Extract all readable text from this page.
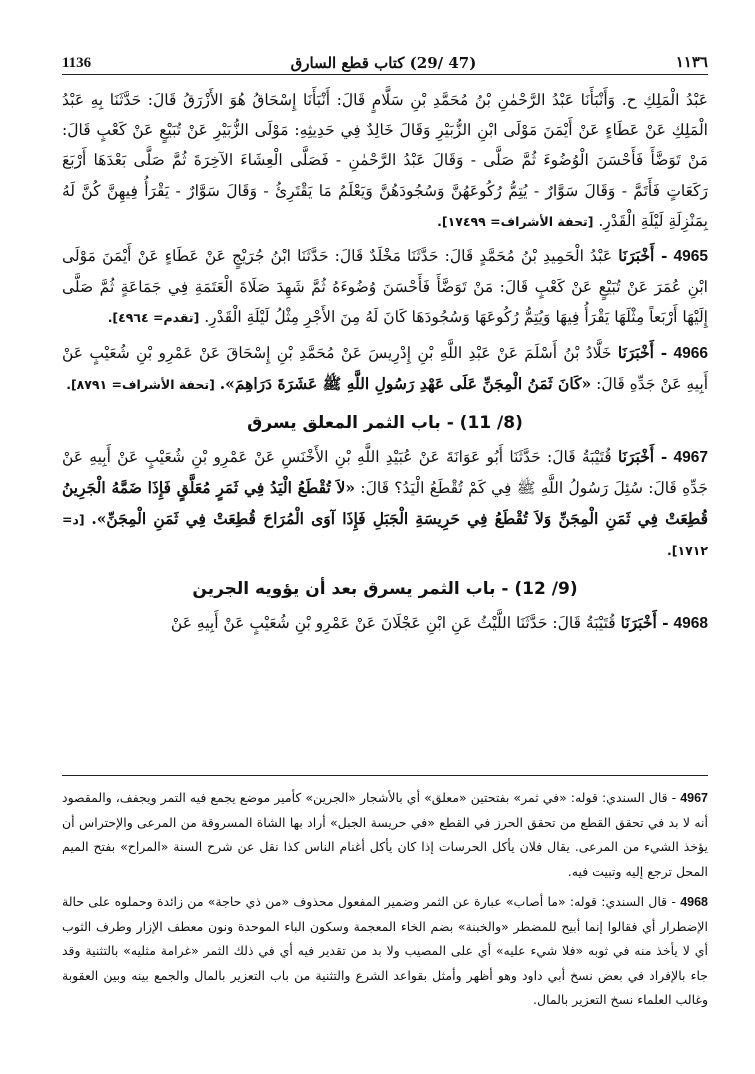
1136	(47 /29) كتاب قطع السارق	١١٣٦

عَبْدُ الْمَلِكِ ح. وَأَنْبَأَنَا عَبْدُ الرَّحْمٰنِ بْنُ مُحَمَّدِ بْنِ سَلَّامٍ قَالَ: أَنْبَأَنَا إِسْحَاقُ هُوَ الأَزْرَقُ قَالَ: حَدَّثَنَا بِهِ عَبْدُ الْمَلِكِ عَنْ عَطَاءٍ عَنْ أَيْمَنَ مَوْلَى ابْنِ الزُّبَيْرِ وَقَالَ خَالِدٌ فِي حَدِيثِهِ: مَوْلَى الزُّبَيْرِ عَنْ تُبَيْعٍ عَنْ كَعْبٍ قَالَ: مَنْ تَوَضَّأَ فَأَحْسَنَ الْوُضُوءَ ثُمَّ صَلَّى - وَقَالَ عَبْدُ الرَّحْمٰنِ - فَصَلَّى الْعِشَاءَ الآخِرَةَ ثُمَّ صَلَّى بَعْدَهَا أَرْبَعَ رَكَعَاتٍ فَأَتَمَّ - وَقَالَ سَوَّارٌ - يُتِمُّ رُكُوعَهُنَّ وَسُجُودَهُنَّ وَيَعْلَمُ مَا يَقْتَرِئُ - وَقَالَ سَوَّارٌ - يَقْرَأُ فِيهِنَّ كُنَّ لَهُ بِمَنْزِلَةِ لَيْلَةِ الْقَدْرِ. [تحفة الأشراف= ١٧٤٩٩].

4965 - أَخْبَرَنَا عَبْدُ الْحَمِيدِ بْنُ مُحَمَّدٍ قَالَ: حَدَّثَنَا مَخْلَدٌ قَالَ: حَدَّثَنَا ابْنُ جُرَيْجٍ عَنْ عَطَاءٍ عَنْ أَيْمَنَ مَوْلَى ابْنِ عُمَرَ عَنْ تُبَيْعٍ عَنْ كَعْبٍ قَالَ: مَنْ تَوَضَّأَ فَأَحْسَنَ وُضُوءَهُ ثُمَّ شَهِدَ صَلَاةَ الْعَتَمَةِ فِي جَمَاعَةٍ ثُمَّ صَلَّى إِلَيْهَا أَرْبَعاً مِثْلَهَا يَقْرَأُ فِيهَا وَيُتِمُّ رُكُوعَهَا وَسُجُودَهَا كَانَ لَهُ مِنَ الأَجْرِ مِثْلُ لَيْلَةِ الْقَدْرِ. [تقدم= ٤٩٦٤].

4966 - أَخْبَرَنَا خَلَّادُ بْنُ أَسْلَمَ عَنْ عَبْدِ اللَّهِ بْنِ إِدْرِيسَ عَنْ مُحَمَّدِ بْنِ إِسْحَاقَ عَنْ عَمْرِو بْنِ شُعَيْبٍ عَنْ أَبِيهِ عَنْ جَدِّهِ قَالَ: «كَانَ ثَمَنُ الْمِجَنِّ عَلَى عَهْدِ رَسُولِ اللَّهِ ﷺ عَشَرَةَ دَرَاهِمَ». [تحفة الأشراف= ٨٧٩١].

(8/ 11) - باب الثمر المعلق يسرق

4967 - أَخْبَرَنَا قُتَيْبَةُ قَالَ: حَدَّثَنَا أَبُو عَوَانَةَ عَنْ عُبَيْدِ اللَّهِ بْنِ الأَخْنَسِ عَنْ عَمْرِو بْنِ شُعَيْبٍ عَنْ أَبِيهِ عَنْ جَدِّهِ قَالَ: سُئِلَ رَسُولُ اللَّهِ ﷺ فِي كَمْ تُقْطَعُ الْيَدُ؟ قَالَ: «لاَ تُقْطَعُ الْيَدُ فِي ثَمَرٍ مُعَلَّقٍ فَإِذَا ضَمَّهُ الْجَرِينُ قُطِعَتْ فِي ثَمَنِ الْمِجَنِّ وَلاَ تُقْطَعُ فِي حَرِيسَةِ الْجَبَلِ فَإِذَا آوَى الْمُرَاحَ قُطِعَتْ فِي ثَمَنِ الْمِجَنِّ». [د= ١٧١٢].

(9/ 12) - باب الثمر يسرق بعد أن يؤويه الجرين

4968 - أَخْبَرَنَا قُتَيْبَةُ قَالَ: حَدَّثَنَا اللَّيْثُ عَنِ ابْنِ عَجْلَانَ عَنْ عَمْرِو بْنِ شُعَيْبٍ عَنْ أَبِيهِ عَنْ

4967 - قال السندي: قوله: «في ثمر» بفتحتين «معلق» أي بالأشجار «الجرين» كأمير موضع يجمع فيه التمر ويجفف، والمقصود أنه لا بد في تحقق القطع من تحقق الحرز في القطع «في حريسة الجبل» أراد بها الشاة المسروقة من المرعى والإحتراس أن يؤخذ الشيء من المرعى. يقال فلان يأكل الحرسات إذا كان يأكل أغنام الناس كذا نقل عن شرح السنة «المراح» بفتح الميم المحل ترجع إليه وتبيت فيه.

4968 - قال السندي: قوله: «ما أصاب» عبارة عن الثمر وضمير المفعول محذوف «من ذي حاجة» من زائدة وحملوه على حالة الإضطرار أي فقالوا إنما أبيح للمضطر «والخبنة» بضم الخاء المعجمة وسكون الباء الموحدة ونون معطف الإزار وطرف الثوب أي لا يأخذ منه في ثوبه «فلا شيء عليه» أي على المصيب ولا بد من تقدير فيه أي في ذلك الثمر «غرامة مثليه» بالتثنية وقد جاء بالإفراد في بعض نسخ أبي داود وهو أظهر وأمثل بقواعد الشرع والتثنية من باب التعزير بالمال والجمع بينه وبين العقوبة وغالب العلماء نسخ التعزير بالمال.
